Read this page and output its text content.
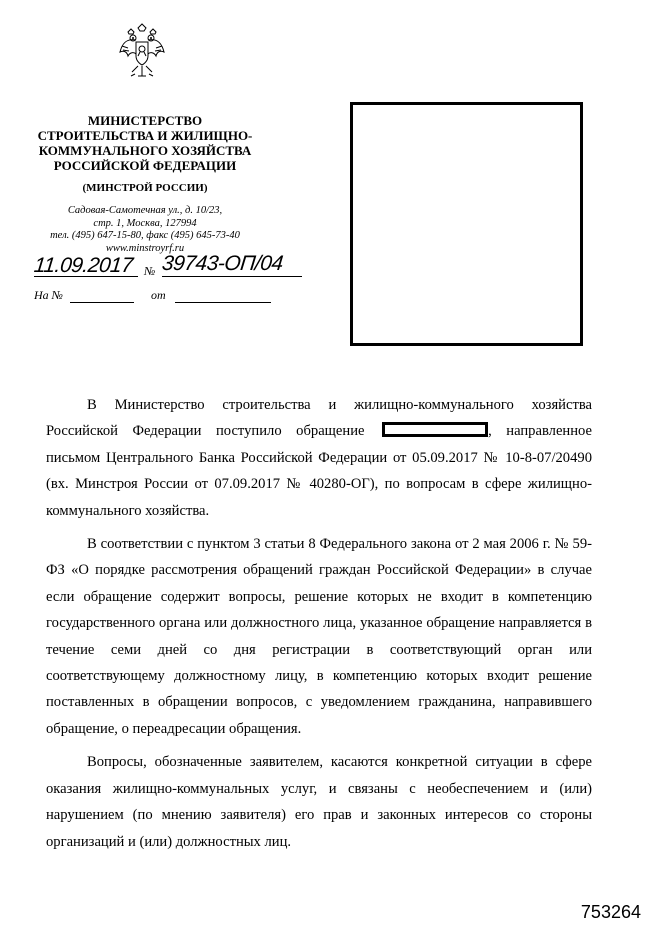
МИНИСТЕРСТВО
СТРОИТЕЛЬСТВА И ЖИЛИЩНО-
КОММУНАЛЬНОГО ХОЗЯЙСТВА
РОССИЙСКОЙ ФЕДЕРАЦИИ
(МИНСТРОЙ РОССИИ)
Садовая-Самотечная ул., д. 10/23,
стр. 1, Москва, 127994
тел. (495) 647-15-80, факс (495) 645-73-40
www.minstroyrf.ru
11.09.2017 № 39743-ОП/04
На №	от

В Министерство строительства и жилищно-коммунального хозяйства Российской Федерации поступило обращение	, направленное письмом Центрального Банка Российской Федерации от 05.09.2017 № 10-8-07/20490 (вх. Минстроя России от 07.09.2017 № 40280-ОГ), по вопросам в сфере жилищно-коммунального хозяйства.

В соответствии с пунктом 3 статьи 8 Федерального закона от 2 мая 2006 г. № 59-ФЗ «О порядке рассмотрения обращений граждан Российской Федерации» в случае если обращение содержит вопросы, решение которых не входит в компетенцию государственного органа или должностного лица, указанное обращение направляется в течение семи дней со дня регистрации в соответствующий орган или соответствующему должностному лицу, в компетенцию которых входит решение поставленных в обращении вопросов, с уведомлением гражданина, направившего обращение, о переадресации обращения.

Вопросы, обозначенные заявителем, касаются конкретной ситуации в сфере оказания жилищно-коммунальных услуг, и связаны с необеспечением и (или) нарушением (по мнению заявителя) его прав и законных интересов со стороны организаций и (или) должностных лиц.

753264
